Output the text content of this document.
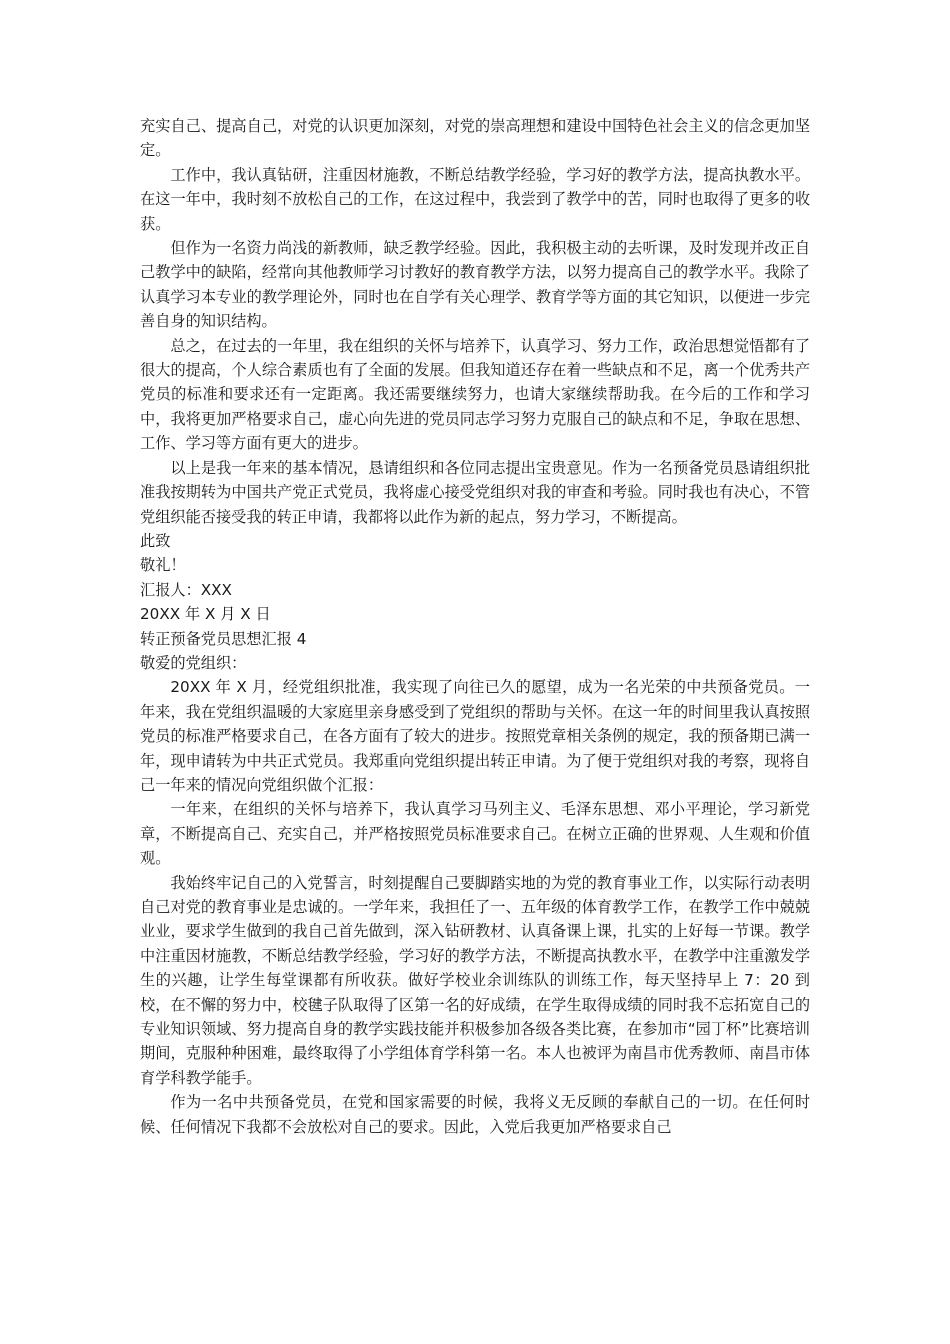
充实自己、提高自己，对党的认识更加深刻，对党的崇高理想和建设中国特色社会主义的信念更加坚定。

工作中，我认真钻研，注重因材施教，不断总结教学经验，学习好的教学方法，提高执教水平。在这一年中，我时刻不放松自己的工作，在这过程中，我尝到了教学中的苦，同时也取得了更多的收获。

但作为一名资力尚浅的新教师，缺乏教学经验。因此，我积极主动的去听课，及时发现并改正自己教学中的缺陷，经常向其他教师学习讨教好的教育教学方法，以努力提高自己的教学水平。我除了认真学习本专业的教学理论外，同时也在自学有关心理学、教育学等方面的其它知识，以便进一步完善自身的知识结构。

总之，在过去的一年里，我在组织的关怀与培养下，认真学习、努力工作，政治思想觉悟都有了很大的提高，个人综合素质也有了全面的发展。但我知道还存在着一些缺点和不足，离一个优秀共产党员的标准和要求还有一定距离。我还需要继续努力，也请大家继续帮助我。在今后的工作和学习中，我将更加严格要求自己，虚心向先进的党员同志学习努力克服自己的缺点和不足，争取在思想、工作、学习等方面有更大的进步。

以上是我一年来的基本情况，恳请组织和各位同志提出宝贵意见。作为一名预备党员恳请组织批准我按期转为中国共产党正式党员，我将虚心接受党组织对我的审查和考验。同时我也有决心，不管党组织能否接受我的转正申请，我都将以此作为新的起点，努力学习，不断提高。

此致

敬礼！

汇报人：XXX

20XX 年 X 月 X 日

转正预备党员思想汇报 4

敬爱的党组织：

20XX 年 X 月，经党组织批准，我实现了向往已久的愿望，成为一名光荣的中共预备党员。一年来，我在党组织温暖的大家庭里亲身感受到了党组织的帮助与关怀。在这一年的时间里我认真按照党员的标准严格要求自己，在各方面有了较大的进步。按照党章相关条例的规定，我的预备期已满一年，现申请转为中共正式党员。我郑重向党组织提出转正申请。为了便于党组织对我的考察，现将自己一年来的情况向党组织做个汇报：

一年来，在组织的关怀与培养下，我认真学习马列主义、毛泽东思想、邓小平理论，学习新党章，不断提高自己、充实自己，并严格按照党员标准要求自己。在树立正确的世界观、人生观和价值观。

我始终牢记自己的入党誓言，时刻提醒自己要脚踏实地的为党的教育事业工作，以实际行动表明自己对党的教育事业是忠诚的。一学年来，我担任了一、五年级的体育教学工作，在教学工作中兢兢业业，要求学生做到的我自己首先做到，深入钻研教材、认真备课上课，扎实的上好每一节课。教学中注重因材施教，不断总结教学经验，学习好的教学方法，不断提高执教水平，在教学中注重激发学生的兴趣，让学生每堂课都有所收获。做好学校业余训练队的训练工作，每天坚持早上 7：20 到校，在不懈的努力中，校毽子队取得了区第一名的好成绩，在学生取得成绩的同时我不忘拓宽自己的专业知识领域、努力提高自身的教学实践技能并积极参加各级各类比赛，在参加市“园丁杯”比赛培训期间，克服种种困难，最终取得了小学组体育学科第一名。本人也被评为南昌市优秀教师、南昌市体育学科教学能手。

作为一名中共预备党员，在党和国家需要的时候，我将义无反顾的奉献自己的一切。在任何时候、任何情况下我都不会放松对自己的要求。因此，入党后我更加严格要求自己
